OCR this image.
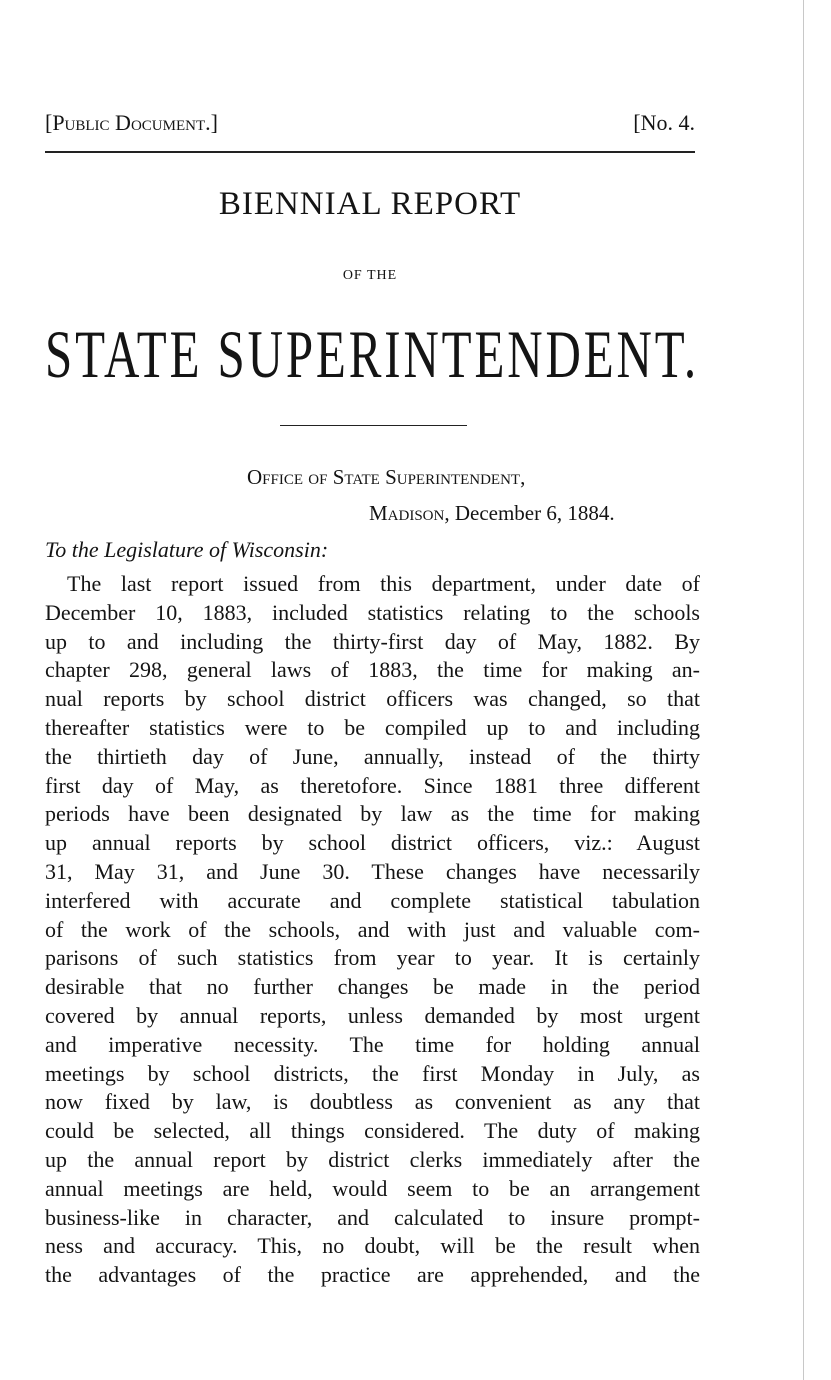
[Public Document.]	[No. 4.
BIENNIAL REPORT
OF THE
STATE SUPERINTENDENT.
Office of State Superintendent,
Madison, December 6, 1884.
To the Legislature of Wisconsin:
The last report issued from this department, under date of
December 10, 1883, included statistics relating to the schools
up to and including the thirty-first day of May, 1882. By
chapter 298, general laws of 1883, the time for making an-
nual reports by school district officers was changed, so that
thereafter statistics were to be compiled up to and including
the thirtieth day of June, annually, instead of the thirty
first day of May, as theretofore. Since 1881 three different
periods have been designated by law as the time for making
up annual reports by school district officers, viz.: August
31, May 31, and June 30. These changes have necessarily
interfered with accurate and complete statistical tabulation
of the work of the schools, and with just and valuable com-
parisons of such statistics from year to year. It is certainly
desirable that no further changes be made in the period
covered by annual reports, unless demanded by most urgent
and imperative necessity. The time for holding annual
meetings by school districts, the first Monday in July, as
now fixed by law, is doubtless as convenient as any that
could be selected, all things considered. The duty of making
up the annual report by district clerks immediately after the
annual meetings are held, would seem to be an arrangement
business-like in character, and calculated to insure prompt-
ness and accuracy. This, no doubt, will be the result when
the advantages of the practice are apprehended, and the
